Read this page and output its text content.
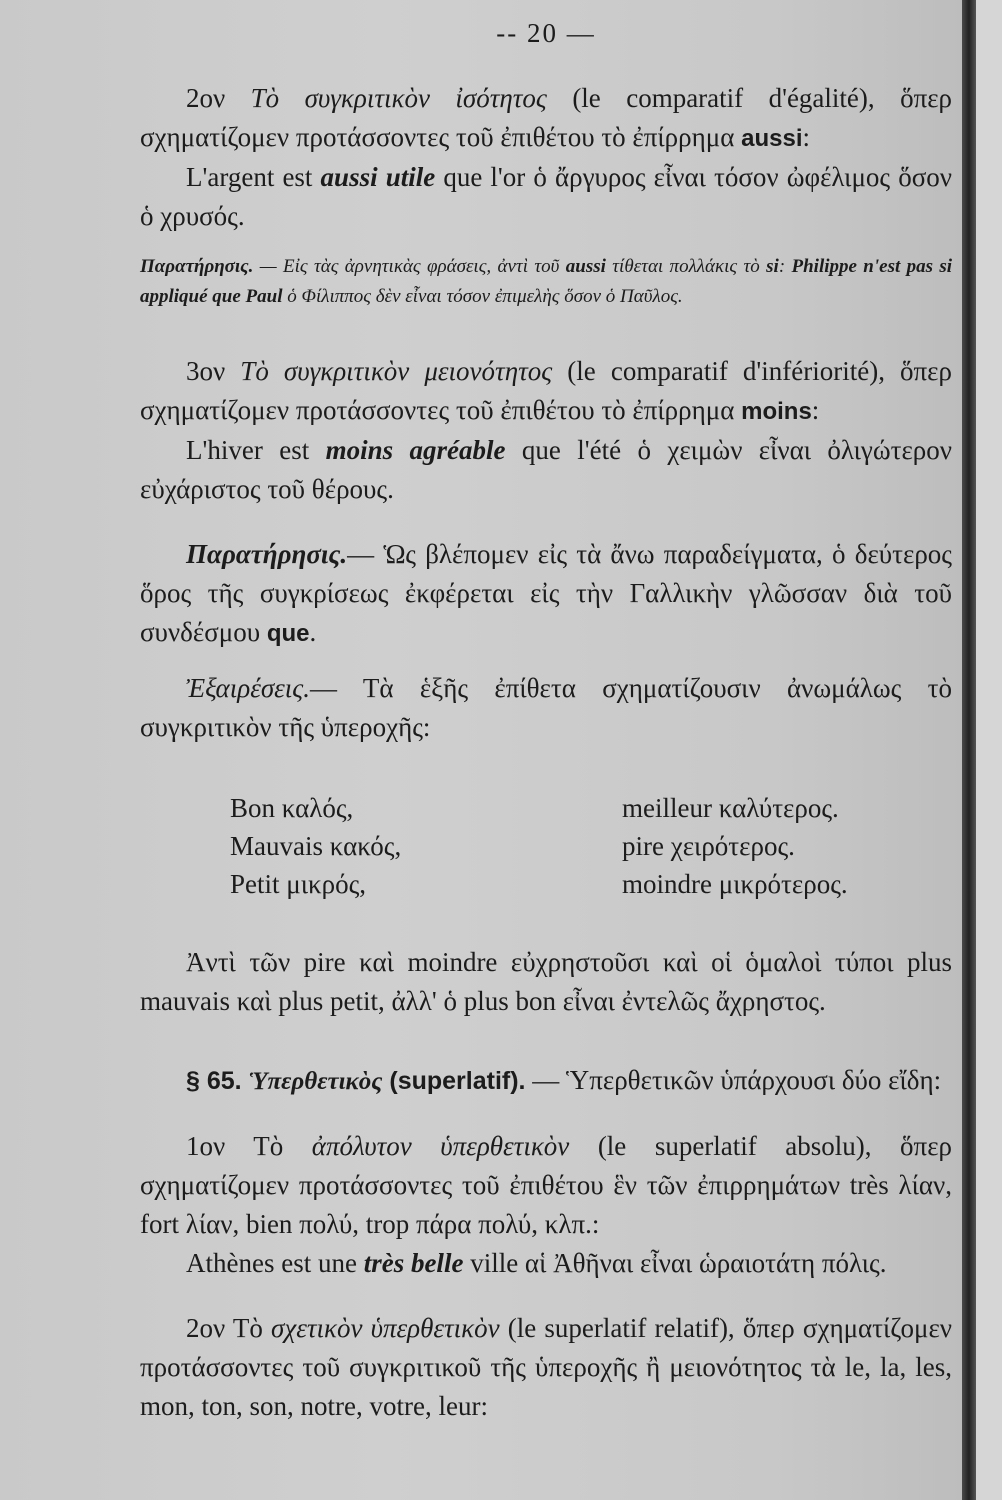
-- 20 —

2ον Τὸ συγκριτικὸν ἰσότητος (le comparatif d'égalité), ὅπερ σχηματίζομεν προτάσσοντες τοῦ ἐπιθέτου τὸ ἐπίρρημα aussi:

L'argent est aussi utile que l'or ὁ ἄργυρος εἶναι τόσον ὠφέλιμος ὅσον ὁ χρυσός.

Παρατήρησις. — Εἰς τὰς ἀρνητικὰς φράσεις, ἀντὶ τοῦ aussi τίθεται πολλάκις τὸ si: Philippe n'est pas si appliqué que Paul ὁ Φίλιππος δὲν εἶναι τόσον ἐπιμελὴς ὅσον ὁ Παῦλος.

3ον Τὸ συγκριτικὸν μειονότητος (le comparatif d'infériorité), ὅπερ σχηματίζομεν προτάσσοντες τοῦ ἐπιθέτου τὸ ἐπίρρημα moins:

L'hiver est moins agréable que l'été ὁ χειμὼν εἶναι ὀλιγώτερον εὐχάριστος τοῦ θέρους.

Παρατήρησις.— Ὡς βλέπομεν εἰς τὰ ἄνω παραδείγματα, ὁ δεύτερος ὅρος τῆς συγκρίσεως ἐκφέρεται εἰς τὴν Γαλλικὴν γλῶσσαν διὰ τοῦ συνδέσμου que.

Ἐξαιρέσεις.— Τὰ ἑξῆς ἐπίθετα σχηματίζουσιν ἀνωμάλως τὸ συγκριτικὸν τῆς ὑπεροχῆς:

Bon καλός,	meilleur καλύτερος.
Mauvais κακός,	pire χειρότερος.
Petit μικρός,	moindre μικρότερος.

Ἀντὶ τῶν pire καὶ moindre εὐχρηστοῦσι καὶ οἱ ὁμαλοὶ τύποι plus mauvais καὶ plus petit, ἀλλ' ὁ plus bon εἶναι ἐντελῶς ἄχρηστος.

§ 65. Ὑπερθετικὸς (superlatif). — Ὑπερθετικῶν ὑπάρχουσι δύο εἴδη:

1ον Τὸ ἀπόλυτον ὑπερθετικὸν (le superlatif absolu), ὅπερ σχηματίζομεν προτάσσοντες τοῦ ἐπιθέτου ἓν τῶν ἐπιρρημάτων très λίαν, fort λίαν, bien πολύ, trop πάρα πολύ, κλπ.:

Athènes est une très belle ville αἱ Ἀθῆναι εἶναι ὡραιοτάτη πόλις.

2ον Τὸ σχετικὸν ὑπερθετικὸν (le superlatif relatif), ὅπερ σχηματίζομεν προτάσσοντες τοῦ συγκριτικοῦ τῆς ὑπεροχῆς ἢ μειονότητος τὰ le, la, les, mon, ton, son, notre, votre, leur:
